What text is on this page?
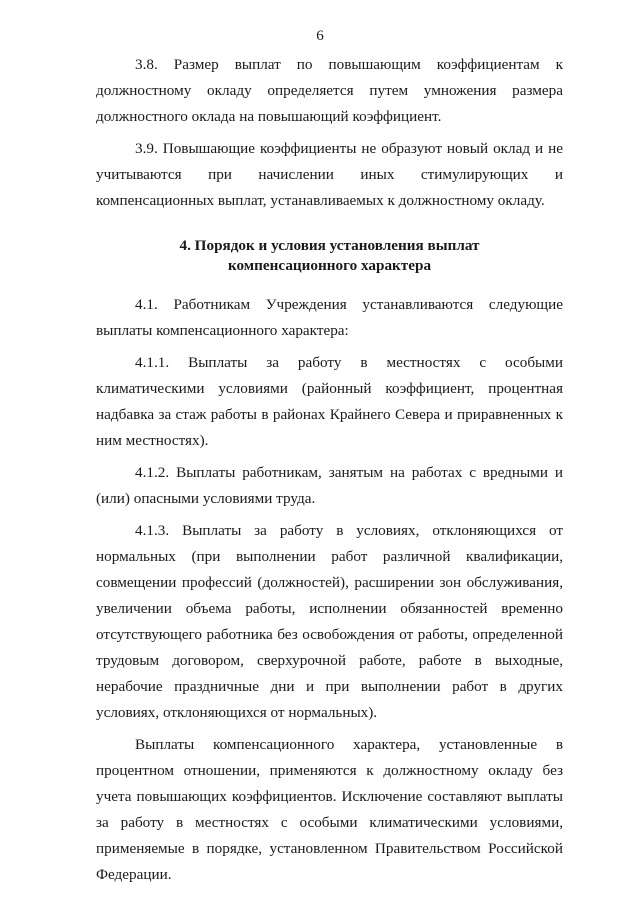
6

3.8. Размер выплат по повышающим коэффициентам к должностному окладу определяется путем умножения размера должностного оклада на повышающий коэффициент.

3.9. Повышающие коэффициенты не образуют новый оклад и не учитываются при начислении иных стимулирующих и компенсационных выплат, устанавливаемых к должностному окладу.

4. Порядок и условия установления выплат
компенсационного характера

4.1. Работникам Учреждения устанавливаются следующие выплаты компенсационного характера:

4.1.1. Выплаты за работу в местностях с особыми климатическими условиями (районный коэффициент, процентная надбавка за стаж работы в районах Крайнего Севера и приравненных к ним местностях).

4.1.2. Выплаты работникам, занятым на работах с вредными и (или) опасными условиями труда.

4.1.3. Выплаты за работу в условиях, отклоняющихся от нормальных (при выполнении работ различной квалификации, совмещении профессий (должностей), расширении зон обслуживания, увеличении объема работы, исполнении обязанностей временно отсутствующего работника без освобождения от работы, определенной трудовым договором, сверхурочной работе, работе в выходные, нерабочие праздничные дни и при выполнении работ в других условиях, отклоняющихся от нормальных).

Выплаты компенсационного характера, установленные в процентном отношении, применяются к должностному окладу без учета повышающих коэффициентов. Исключение составляют выплаты за работу в местностях с особыми климатическими условиями, применяемые в порядке, установленном Правительством Российской Федерации.
